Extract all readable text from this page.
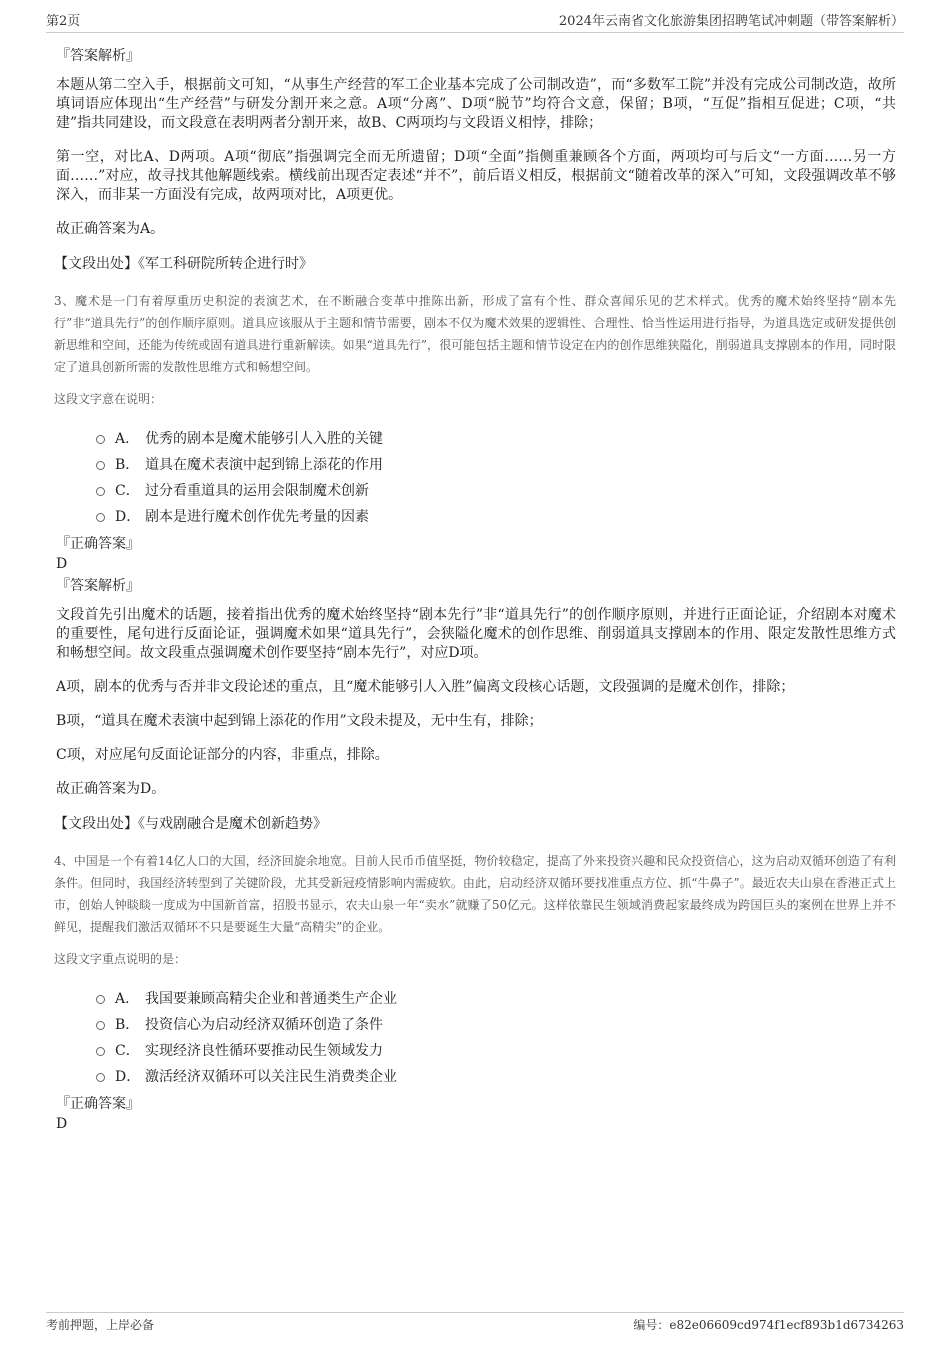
第2页	2024年云南省文化旅游集团招聘笔试冲刺题（带答案解析）
『答案解析』

本题从第二空入手，根据前文可知，“从事生产经营的军工企业基本完成了公司制改造”，而“多数军工院”并没有完成公司制改造，故所填词语应体现出“生产经营”与研发分割开来之意。A项“分离”、D项“脱节”均符合文意，保留；B项，“互促”指相互促进；C项，“共建”指共同建设，而文段意在表明两者分割开来，故B、C两项均与文段语义相悖，排除；

第一空，对比A、D两项。A项“彻底”指强调完全而无所遗留；D项“全面”指侧重兼顾各个方面，两项均可与后文“一方面……另一方面……”对应，故寻找其他解题线索。横线前出现否定表述“并不”，前后语义相反，根据前文“随着改革的深入”可知，文段强调改革不够深入，而非某一方面没有完成，故两项对比，A项更优。

故正确答案为A。

【文段出处】《军工科研院所转企进行时》

3、魔术是一门有着厚重历史积淀的表演艺术，在不断融合变革中推陈出新，形成了富有个性、群众喜闻乐见的艺术样式。优秀的魔术始终坚持“剧本先行”非“道具先行”的创作顺序原则。道具应该服从于主题和情节需要，剧本不仅为魔术效果的逻辑性、合理性、恰当性运用进行指导，为道具选定或研发提供创新思维和空间，还能为传统或固有道具进行重新解读。如果“道具先行”，很可能包括主题和情节设定在内的创作思维狭隘化，削弱道具支撑剧本的作用，同时限定了道具创新所需的发散性思维方式和畅想空间。

这段文字意在说明：
A． 优秀的剧本是魔术能够引人入胜的关键
B． 道具在魔术表演中起到锦上添花的作用
C． 过分看重道具的运用会限制魔术创新
D． 剧本是进行魔术创作优先考量的因素
『正确答案』
D
『答案解析』

文段首先引出魔术的话题，接着指出优秀的魔术始终坚持“剧本先行”非“道具先行”的创作顺序原则，并进行正面论证，介绍剧本对魔术的重要性，尾句进行反面论证，强调魔术如果“道具先行”，会狭隘化魔术的创作思维、削弱道具支撑剧本的作用、限定发散性思维方式和畅想空间。故文段重点强调魔术创作要坚持“剧本先行”，对应D项。

A项，剧本的优秀与否并非文段论述的重点，且“魔术能够引人入胜”偏离文段核心话题，文段强调的是魔术创作，排除；

B项，“道具在魔术表演中起到锦上添花的作用”文段未提及，无中生有，排除；

C项，对应尾句反面论证部分的内容，非重点，排除。

故正确答案为D。

【文段出处】《与戏剧融合是魔术创新趋势》

4、中国是一个有着14亿人口的大国，经济回旋余地宽。目前人民币币值坚挺，物价较稳定，提高了外来投资兴趣和民众投资信心，这为启动双循环创造了有利条件。但同时，我国经济转型到了关键阶段，尤其受新冠疫情影响内需疲软。由此，启动经济双循环要找准重点方位、抓“牛鼻子”。最近农夫山泉在香港正式上市，创始人钟睒睒一度成为中国新首富，招股书显示，农夫山泉一年“卖水”就赚了50亿元。这样依靠民生领域消费起家最终成为跨国巨头的案例在世界上并不鲜见，提醒我们激活双循环不只是要诞生大量“高精尖”的企业。

这段文字重点说明的是：
A． 我国要兼顾高精尖企业和普通类生产企业
B． 投资信心为启动经济双循环创造了条件
C． 实现经济良性循环要推动民生领域发力
D． 激活经济双循环可以关注民生消费类企业
『正确答案』
D
考前押题，上岸必备	编号：e82e06609cd974f1ecf893b1d6734263
